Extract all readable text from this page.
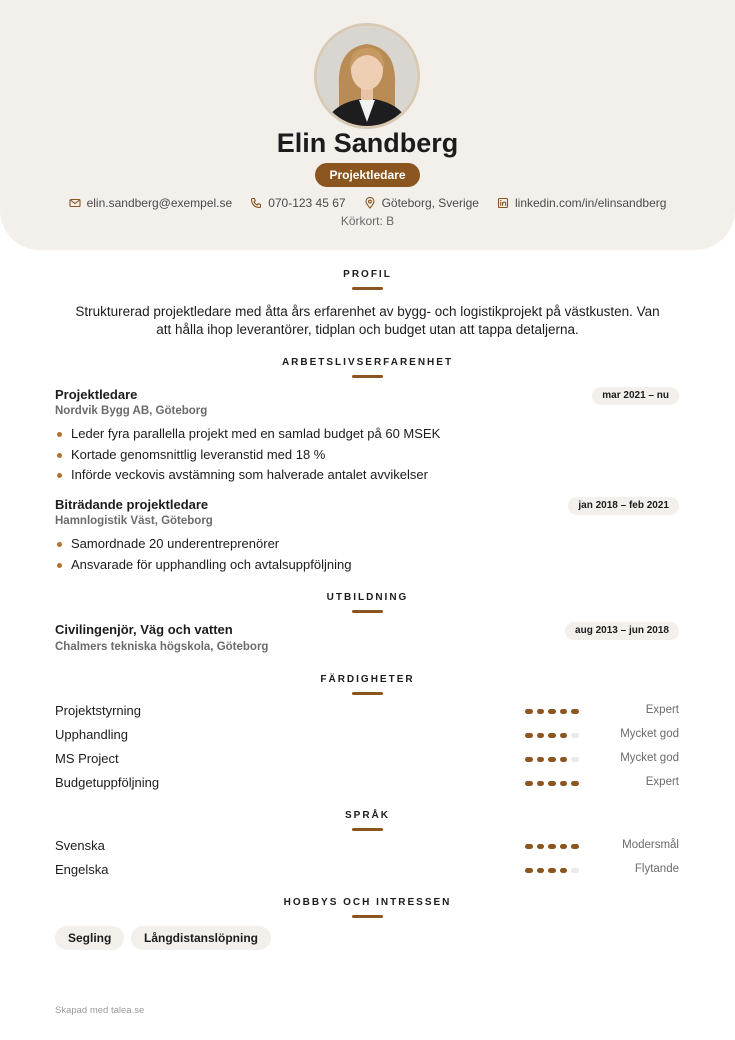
Elin Sandberg
Projektledare
elin.sandberg@exempel.se	070-123 45 67	Göteborg, Sverige	linkedin.com/in/elinsandberg
Körkort: B
PROFIL
Strukturerad projektledare med åtta års erfarenhet av bygg- och logistikprojekt på västkusten. Van att hålla ihop leverantörer, tidplan och budget utan att tappa detaljerna.
ARBETSLIVSERFARENHET
Projektledare	mar 2021 – nu
Nordvik Bygg AB, Göteborg
Leder fyra parallella projekt med en samlad budget på 60 MSEK
Kortade genomsnittlig leveranstid med 18 %
Införde veckovis avstämning som halverade antalet avvikelser
Biträdande projektledare	jan 2018 – feb 2021
Hamnlogistik Väst, Göteborg
Samordnade 20 underentreprenörer
Ansvarade för upphandling och avtalsuppföljning
UTBILDNING
Civilingenjör, Väg och vatten	aug 2013 – jun 2018
Chalmers tekniska högskola, Göteborg
FÄRDIGHETER
Projektstyrning	Expert
Upphandling	Mycket god
MS Project	Mycket god
Budgetuppföljning	Expert
SPRÅK
Svenska	Modersmål
Engelska	Flytande
HOBBYS OCH INTRESSEN
Segling	Långdistanslöpning
Skapad med talea.se
